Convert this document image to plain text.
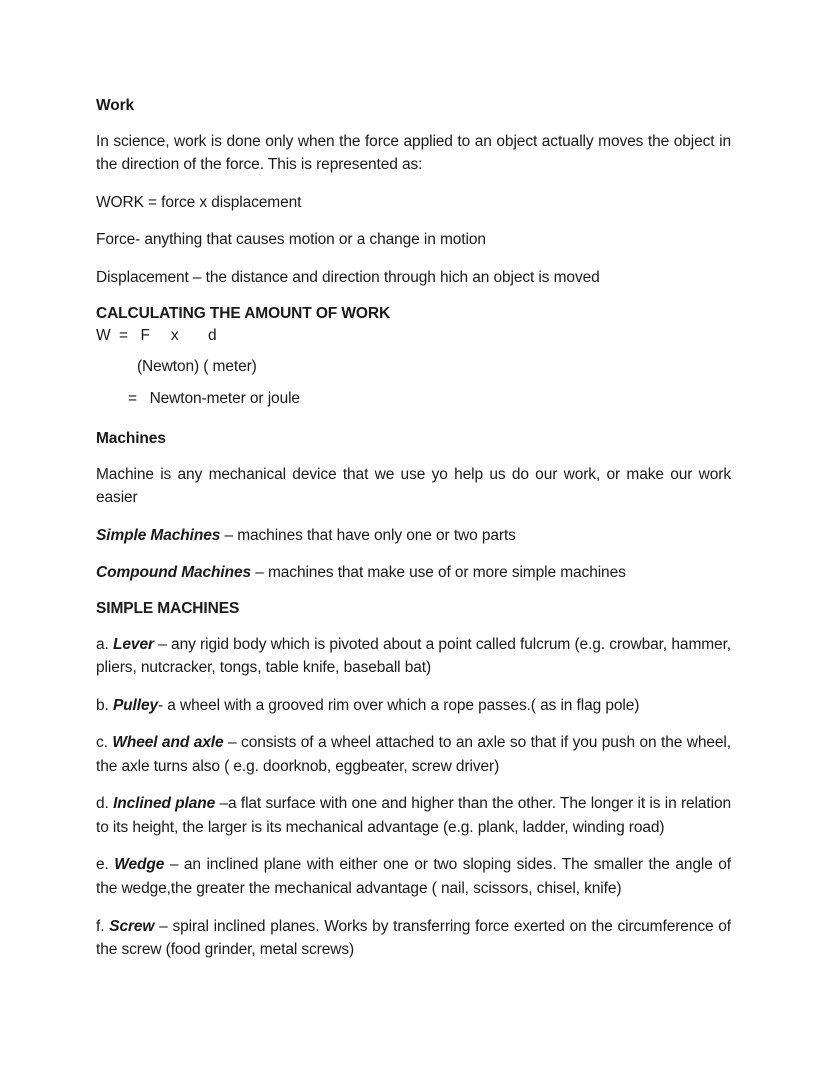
Work

In science, work is done only when the force applied to an object actually moves the object in the direction of the force. This is represented as:

WORK = force x displacement

Force- anything that causes motion or a change in motion

Displacement – the distance and direction through hich an object is moved

CALCULATING THE AMOUNT OF WORK
W  =   F     x       d
(Newton) ( meter)
=   Newton-meter or joule
Machines

Machine is any mechanical device that we use yo help us do our work, or make our work easier

Simple Machines – machines that have only one or two parts

Compound Machines – machines that make use of or more simple machines

SIMPLE MACHINES

a. Lever – any rigid body which is pivoted about a point called fulcrum (e.g. crowbar, hammer, pliers, nutcracker, tongs, table knife, baseball bat)

b. Pulley- a wheel with a grooved rim over which a rope passes.( as in flag pole)

c. Wheel and axle – consists of a wheel attached to an axle so that if you push on the wheel, the axle turns also ( e.g. doorknob, eggbeater, screw driver)

d. Inclined plane –a flat surface with one and higher than the other. The longer it is in relation to its height, the larger is its mechanical advantage (e.g. plank, ladder, winding road)

e. Wedge – an inclined plane with either one or two sloping sides. The smaller the angle of the wedge,the greater the mechanical advantage ( nail, scissors, chisel, knife)

f. Screw – spiral inclined planes. Works by transferring force exerted on the circumference of the screw (food grinder, metal screws)
